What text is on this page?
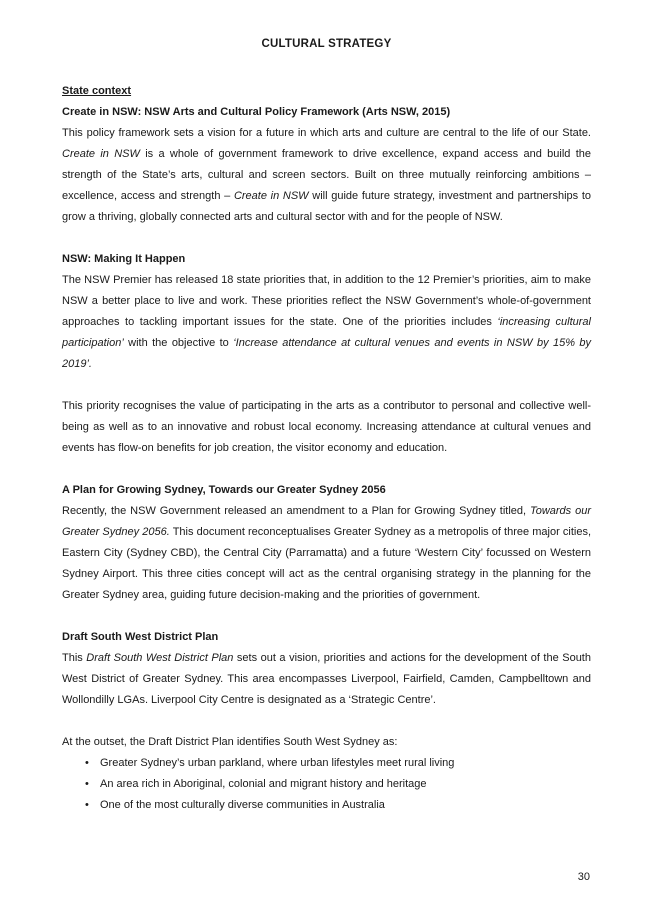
CULTURAL STRATEGY
State context
Create in NSW: NSW Arts and Cultural Policy Framework (Arts NSW, 2015)

This policy framework sets a vision for a future in which arts and culture are central to the life of our State. Create in NSW is a whole of government framework to drive excellence, expand access and build the strength of the State’s arts, cultural and screen sectors. Built on three mutually reinforcing ambitions – excellence, access and strength – Create in NSW will guide future strategy, investment and partnerships to grow a thriving, globally connected arts and cultural sector with and for the people of NSW.

NSW: Making It Happen

The NSW Premier has released 18 state priorities that, in addition to the 12 Premier’s priorities, aim to make NSW a better place to live and work. These priorities reflect the NSW Government’s whole-of-government approaches to tackling important issues for the state. One of the priorities includes ‘increasing cultural participation’ with the objective to ‘Increase attendance at cultural venues and events in NSW by 15% by 2019’.

This priority recognises the value of participating in the arts as a contributor to personal and collective well-being as well as to an innovative and robust local economy. Increasing attendance at cultural venues and events has flow-on benefits for job creation, the visitor economy and education.

A Plan for Growing Sydney, Towards our Greater Sydney 2056

Recently, the NSW Government released an amendment to a Plan for Growing Sydney titled, Towards our Greater Sydney 2056. This document reconceptualises Greater Sydney as a metropolis of three major cities, Eastern City (Sydney CBD), the Central City (Parramatta) and a future ‘Western City’ focussed on Western Sydney Airport. This three cities concept will act as the central organising strategy in the planning for the Greater Sydney area, guiding future decision-making and the priorities of government.

Draft South West District Plan

This Draft South West District Plan sets out a vision, priorities and actions for the development of the South West District of Greater Sydney. This area encompasses Liverpool, Fairfield, Camden, Campbelltown and Wollondilly LGAs. Liverpool City Centre is designated as a ‘Strategic Centre’.

At the outset, the Draft District Plan identifies South West Sydney as:

• Greater Sydney’s urban parkland, where urban lifestyles meet rural living
• An area rich in Aboriginal, colonial and migrant history and heritage
• One of the most culturally diverse communities in Australia
30
